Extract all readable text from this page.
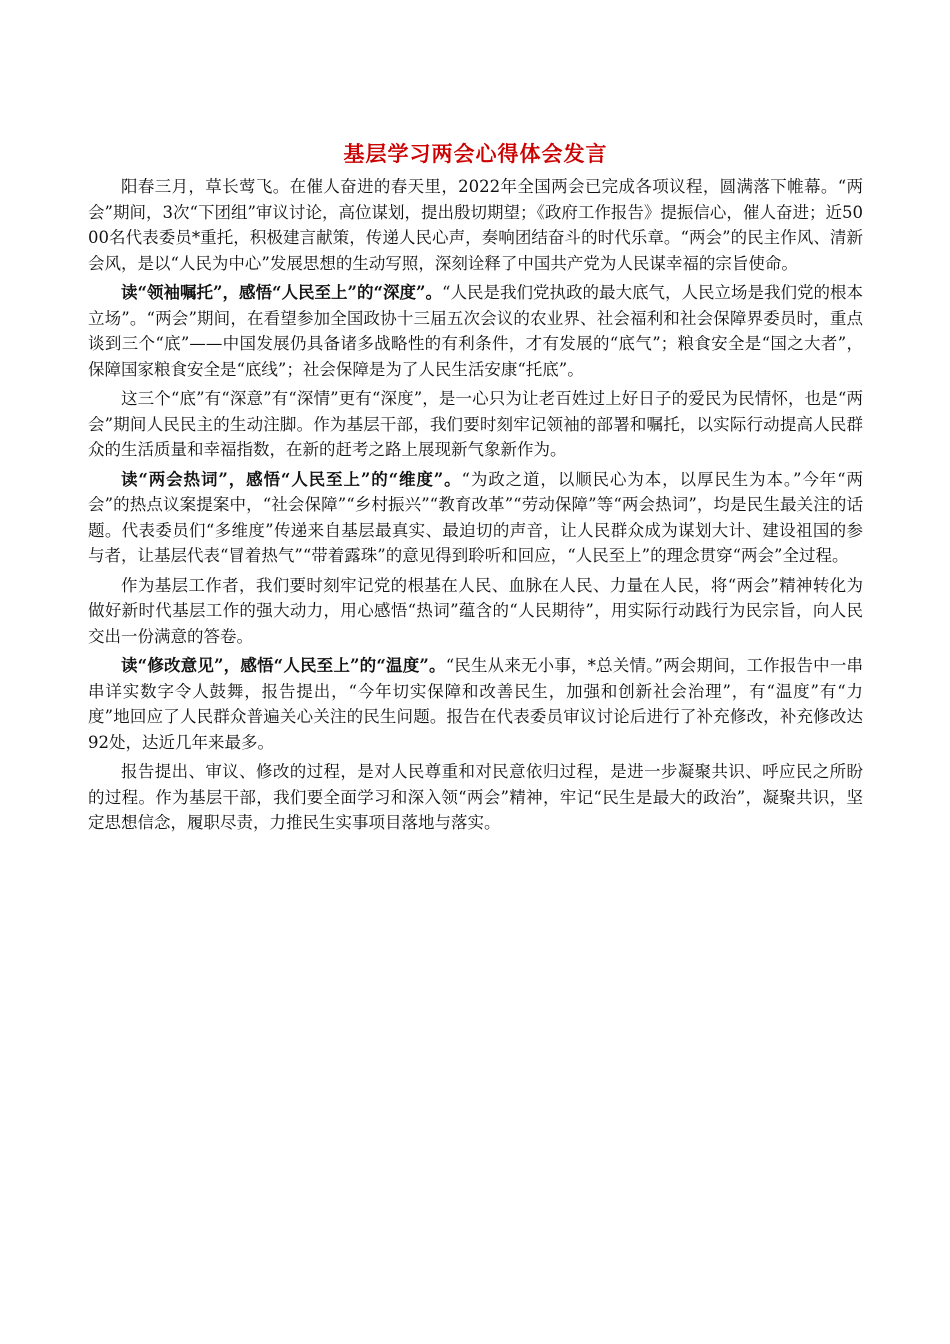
基层学习两会心得体会发言

阳春三月，草长莺飞。在催人奋进的春天里，2022年全国两会已完成各项议程，圆满落下帷幕。“两会”期间，3次“下团组”审议讨论，高位谋划，提出殷切期望；《政府工作报告》提振信心，催人奋进；近5000名代表委员*重托，积极建言献策，传递人民心声，奏响团结奋斗的时代乐章。“两会”的民主作风、清新会风，是以“人民为中心”发展思想的生动写照，深刻诠释了中国共产党为人民谋幸福的宗旨使命。

读“领袖嘱托”，感悟“人民至上”的“深度”。“人民是我们党执政的最大底气，人民立场是我们党的根本立场”。“两会”期间，在看望参加全国政协十三届五次会议的农业界、社会福利和社会保障界委员时，重点谈到三个“底”——中国发展仍具备诸多战略性的有利条件，才有发展的“底气”；粮食安全是“国之大者”，保障国家粮食安全是“底线”；社会保障是为了人民生活安康“托底”。

这三个“底”有“深意”有“深情”更有“深度”，是一心只为让老百姓过上好日子的爱民为民情怀，也是“两会”期间人民民主的生动注脚。作为基层干部，我们要时刻牢记领袖的部署和嘱托，以实际行动提高人民群众的生活质量和幸福指数，在新的赶考之路上展现新气象新作为。

读“两会热词”，感悟“人民至上”的“维度”。“为政之道，以顺民心为本，以厚民生为本。”今年“两会”的热点议案提案中，“社会保障”“乡村振兴”“教育改革”“劳动保障”等“两会热词”，均是民生最关注的话题。代表委员们“多维度”传递来自基层最真实、最迫切的声音，让人民群众成为谋划大计、建设祖国的参与者，让基层代表“冒着热气”“带着露珠”的意见得到聆听和回应，“人民至上”的理念贯穿“两会”全过程。

作为基层工作者，我们要时刻牢记党的根基在人民、血脉在人民、力量在人民，将“两会”精神转化为做好新时代基层工作的强大动力，用心感悟“热词”蕴含的“人民期待”，用实际行动践行为民宗旨，向人民交出一份满意的答卷。

读“修改意见”，感悟“人民至上”的“温度”。“民生从来无小事，*总关情。”两会期间，工作报告中一串串详实数字令人鼓舞，报告提出，“今年切实保障和改善民生，加强和创新社会治理”，有“温度”有“力度”地回应了人民群众普遍关心关注的民生问题。报告在代表委员审议讨论后进行了补充修改，补充修改达92处，达近几年来最多。

报告提出、审议、修改的过程，是对人民尊重和对民意依归过程，是进一步凝聚共识、呼应民之所盼的过程。作为基层干部，我们要全面学习和深入领“两会”精神，牢记“民生是最大的政治”，凝聚共识，坚定思想信念，履职尽责，力推民生实事项目落地与落实。
